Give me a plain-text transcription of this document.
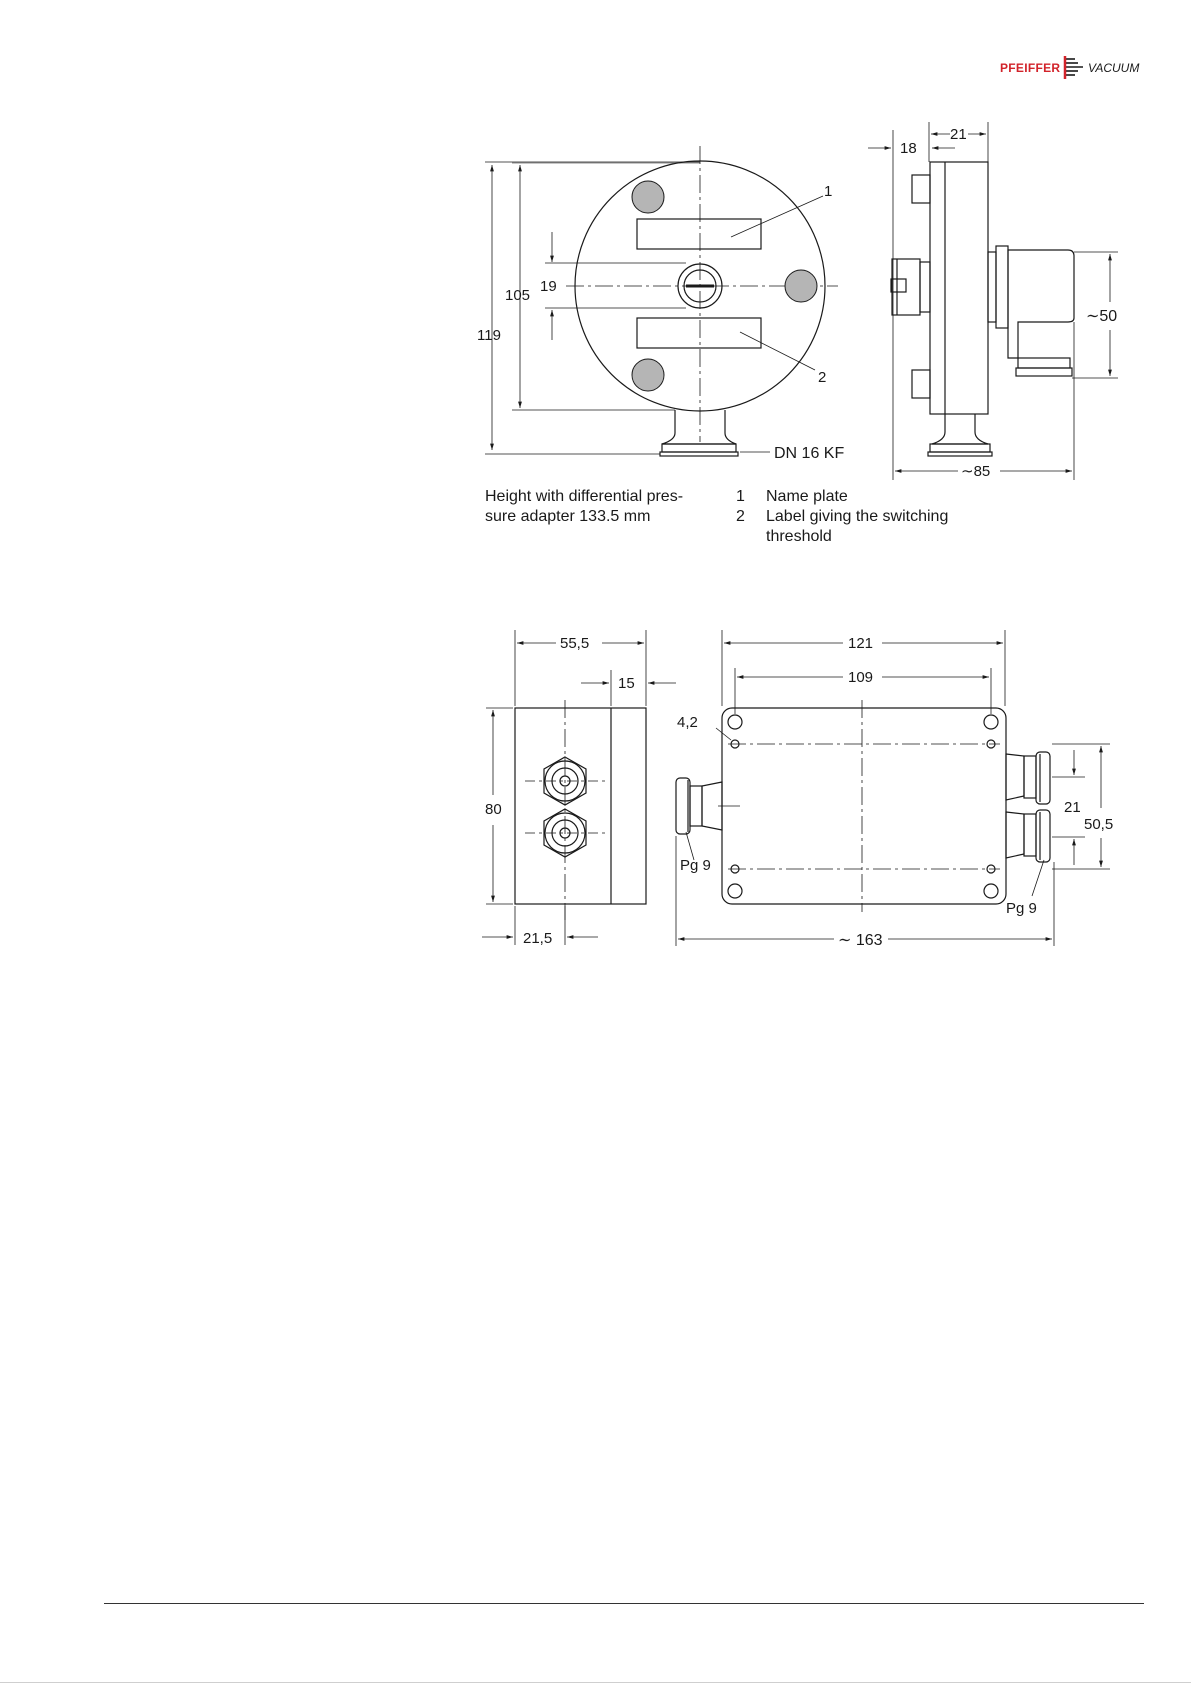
PFEIFFER VACUUM
119
105
19
1
2
DN 16 KF
18
21
∼50
∼85
55,5
15
80
21,5
121
109
4,2
Pg 9
Pg 9
21
50,5
∼ 163
Height with differential pres-
sure adapter 133.5 mm
1 Name plate
2 Label giving the switching
threshold
